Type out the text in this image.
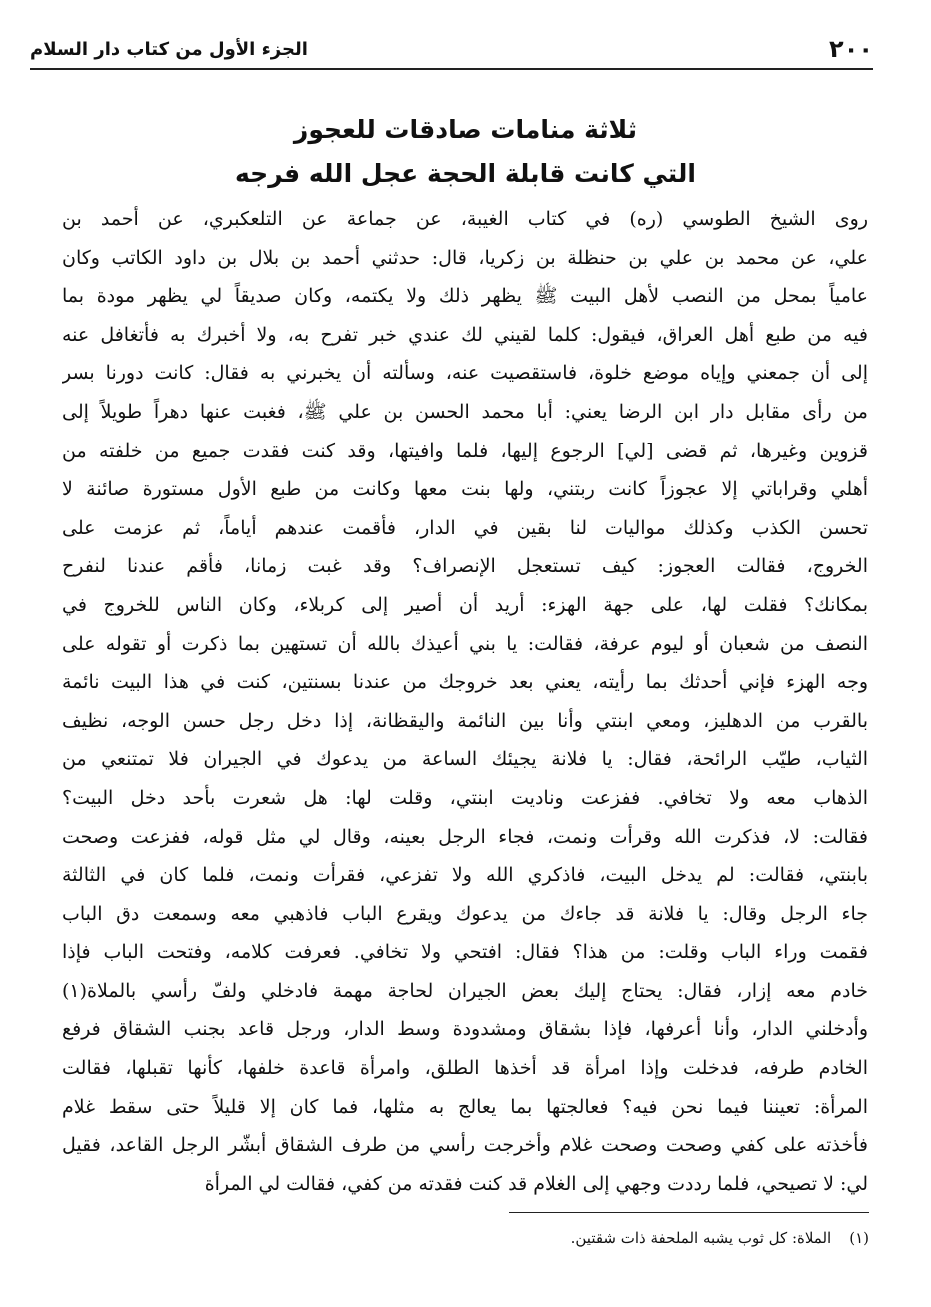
٢٠٠
الجزء الأول من كتاب دار السلام
ثلاثة منامات صادقات للعجوز
التي كانت قابلة الحجة عجل الله فرجه
روى الشيخ الطوسي (ره) في كتاب الغيبة، عن جماعة عن التلعكبري، عن أحمد بن
علي، عن محمد بن علي بن حنظلة بن زكريا، قال: حدثني أحمد بن بلال بن داود الكاتب وكان
عامياً بمحل من النصب لأهل البيت ﷺ يظهر ذلك ولا يكتمه، وكان صديقاً لي يظهر مودة بما
فيه من طبع أهل العراق، فيقول: كلما لقيني لك عندي خبر تفرح به، ولا أخبرك به فأتغافل عنه
إلى أن جمعني وإياه موضع خلوة، فاستقصيت عنه، وسألته أن يخبرني به فقال: كانت دورنا بسر
من رأى مقابل دار ابن الرضا يعني: أبا محمد الحسن بن علي ﷺ، فغبت عنها دهراً طويلاً إلى
قزوين وغيرها، ثم قضى [لي] الرجوع إليها، فلما وافيتها، وقد كنت فقدت جميع من خلفته من
أهلي وقراباتي إلا عجوزاً كانت ربتني، ولها بنت معها وكانت من طبع الأول مستورة صائنة لا
تحسن الكذب وكذلك مواليات لنا بقين في الدار، فأقمت عندهم أياماً، ثم عزمت على
الخروج، فقالت العجوز: كيف تستعجل الإنصراف؟ وقد غبت زمانا، فأقم عندنا لنفرح
بمكانك؟ فقلت لها، على جهة الهزء: أريد أن أصير إلى كربلاء، وكان الناس للخروج في
النصف من شعبان أو ليوم عرفة، فقالت: يا بني أعيذك بالله أن تستهين بما ذكرت أو تقوله على
وجه الهزء فإني أحدثك بما رأيته، يعني بعد خروجك من عندنا بسنتين، كنت في هذا البيت نائمة
بالقرب من الدهليز، ومعي ابنتي وأنا بين النائمة واليقظانة، إذا دخل رجل حسن الوجه، نظيف
الثياب، طيّب الرائحة، فقال: يا فلانة يجيئك الساعة من يدعوك في الجيران فلا تمتنعي من
الذهاب معه ولا تخافي. ففزعت وناديت ابنتي، وقلت لها: هل شعرت بأحد دخل البيت؟
فقالت: لا، فذكرت الله وقرأت ونمت، فجاء الرجل بعينه، وقال لي مثل قوله، ففزعت وصحت
بابنتي، فقالت: لم يدخل البيت، فاذكري الله ولا تفزعي، فقرأت ونمت، فلما كان في الثالثة
جاء الرجل وقال: يا فلانة قد جاءك من يدعوك ويقرع الباب فاذهبي معه وسمعت دق الباب
فقمت وراء الباب وقلت: من هذا؟ فقال: افتحي ولا تخافي. فعرفت كلامه، وفتحت الباب فإذا
خادم معه إزار، فقال: يحتاج إليك بعض الجيران لحاجة مهمة فادخلي ولفّ رأسي بالملاة(١)
وأدخلني الدار، وأنا أعرفها، فإذا بشقاق ومشدودة وسط الدار، ورجل قاعد بجنب الشقاق فرفع
الخادم طرفه، فدخلت وإذا امرأة قد أخذها الطلق، وامرأة قاعدة خلفها، كأنها تقبلها، فقالت
المرأة: تعيننا فيما نحن فيه؟ فعالجتها بما يعالج به مثلها، فما كان إلا قليلاً حتى سقط غلام
فأخذته على كفي وصحت وصحت غلام وأخرجت رأسي من طرف الشقاق أبشّر الرجل القاعد، فقيل
لي: لا تصيحي، فلما رددت وجهي إلى الغلام قد كنت فقدته من كفي، فقالت لي المرأة
(١)الملاة: كل ثوب يشبه الملحفة ذات شقتين.
